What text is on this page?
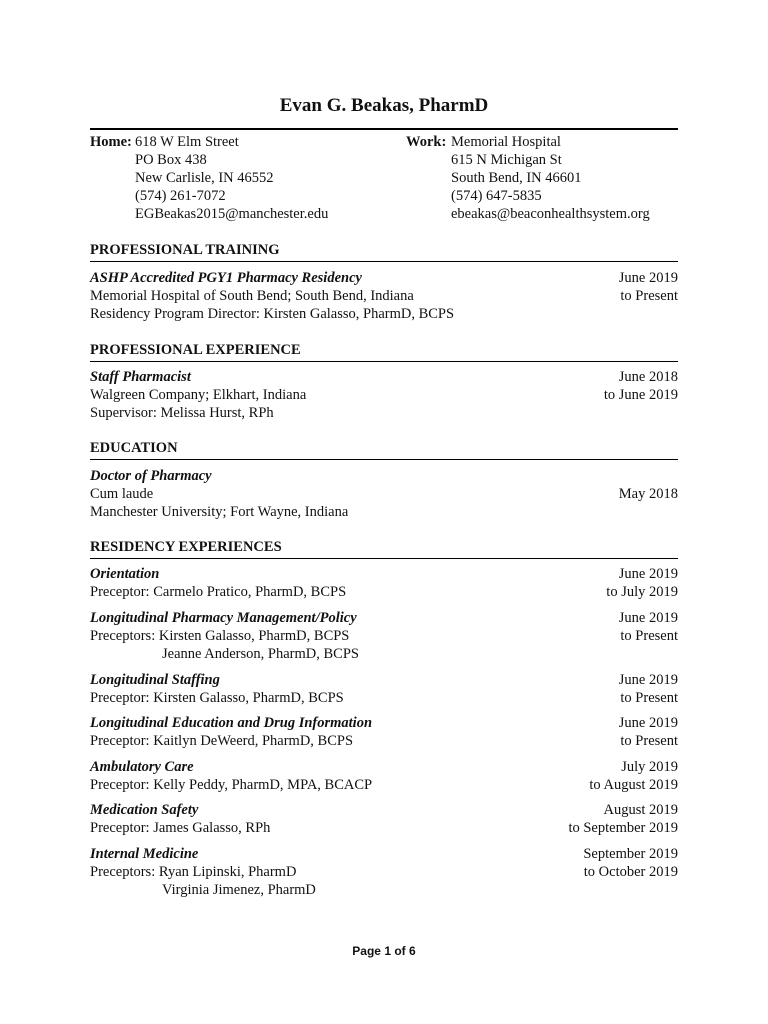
Evan G. Beakas, PharmD
Home: 618 W Elm Street
PO Box 438
New Carlisle, IN 46552
(574) 261-7072
EGBeakas2015@manchester.edu
Work: Memorial Hospital
615 N Michigan St
South Bend, IN 46601
(574) 647-5835
ebeakas@beaconhealthsystem.org
PROFESSIONAL TRAINING
ASHP Accredited PGY1 Pharmacy Residency
Memorial Hospital of South Bend; South Bend, Indiana
Residency Program Director: Kirsten Galasso, PharmD, BCPS
June 2019
to Present
PROFESSIONAL EXPERIENCE
Staff Pharmacist
Walgreen Company; Elkhart, Indiana
Supervisor: Melissa Hurst, RPh
June 2018
to June 2019
EDUCATION
Doctor of Pharmacy
Cum laude
Manchester University; Fort Wayne, Indiana

May 2018
RESIDENCY EXPERIENCES
Orientation
Preceptor: Carmelo Pratico, PharmD, BCPS
June 2019
to July 2019
Longitudinal Pharmacy Management/Policy
Preceptors: Kirsten Galasso, PharmD, BCPS
Jeanne Anderson, PharmD, BCPS
June 2019
to Present
Longitudinal Staffing
Preceptor: Kirsten Galasso, PharmD, BCPS
June 2019
to Present
Longitudinal Education and Drug Information
Preceptor: Kaitlyn DeWeerd, PharmD, BCPS
June 2019
to Present
Ambulatory Care
Preceptor: Kelly Peddy, PharmD, MPA, BCACP
July 2019
to August 2019
Medication Safety
Preceptor: James Galasso, RPh
August 2019
to September 2019
Internal Medicine
Preceptors: Ryan Lipinski, PharmD
Virginia Jimenez, PharmD
September 2019
to October 2019
Page 1 of 6
